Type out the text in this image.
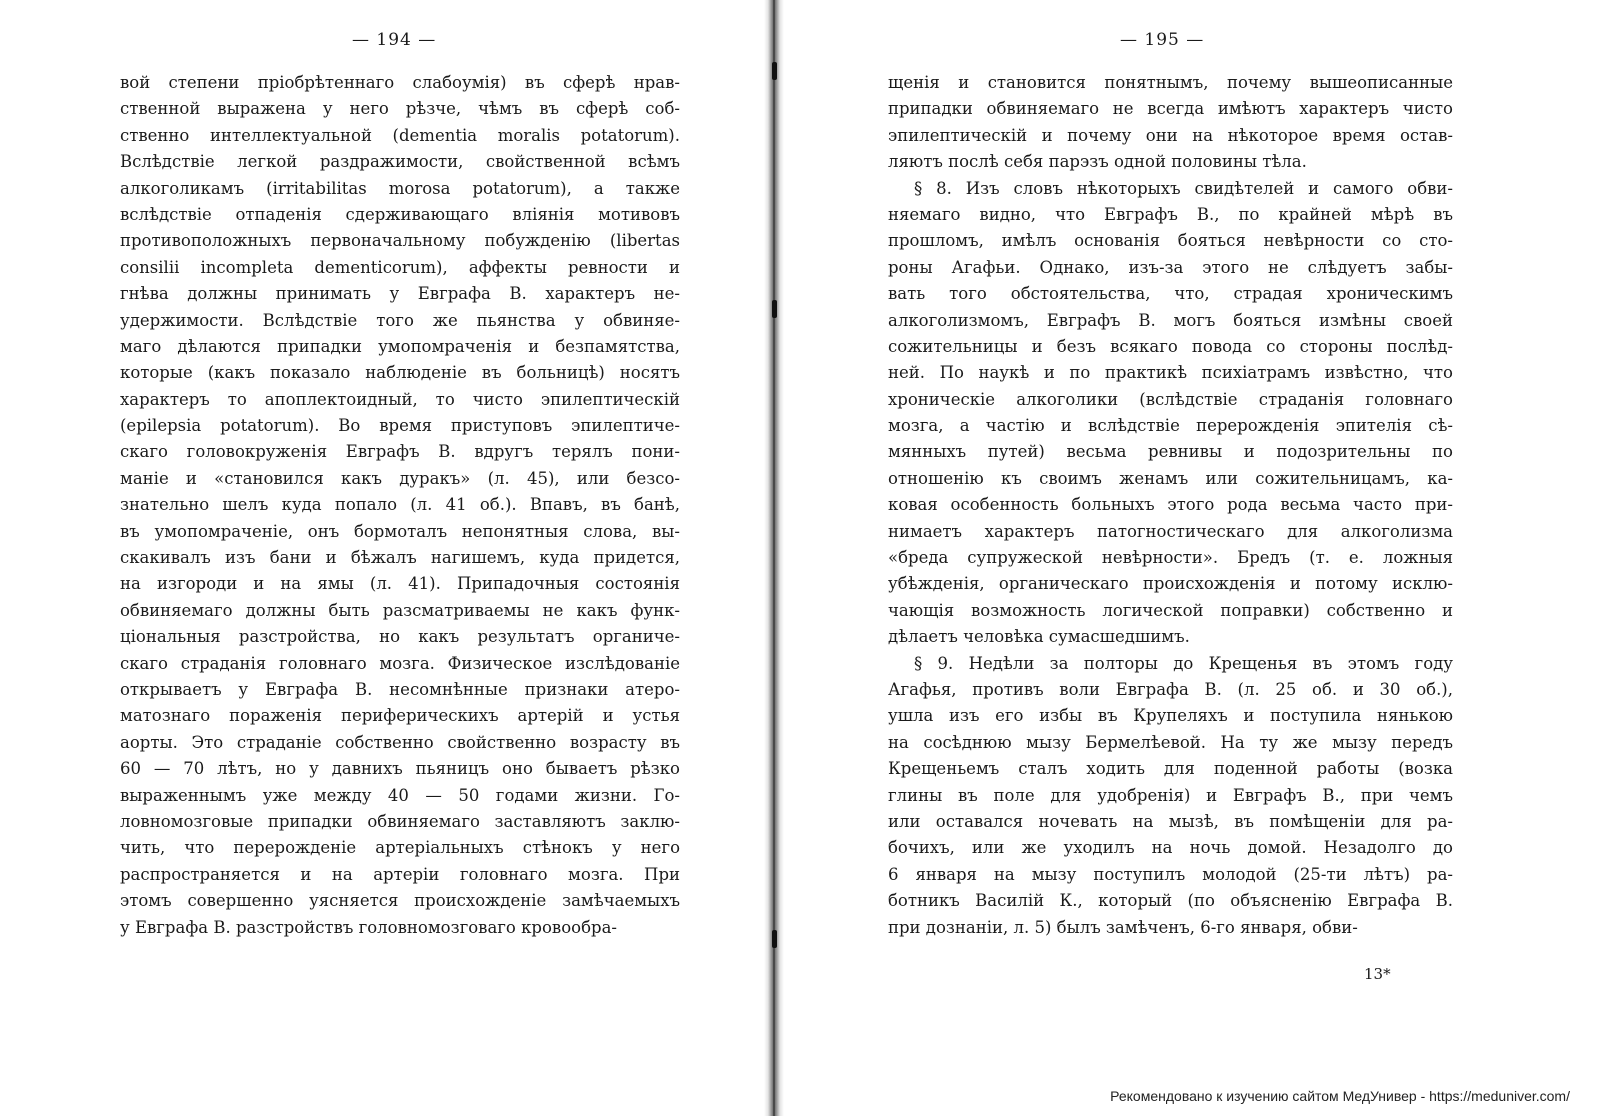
— 194 —
вой степени пріобрѣтеннаго слабоумія) въ сферѣ нрав-
ственной выражена у него рѣзче, чѣмъ въ сферѣ соб-
ственно интеллектуальной (dementia moralis potatorum).
Вслѣдствіе легкой раздражимости, свойственной всѣмъ
алкоголикамъ (irritabilitas morosa potatorum), а также
вслѣдствіе отпаденія сдерживающаго вліянія мотивовъ
противоположныхъ первоначальному побужденію (libertas
consilii incompleta dementicorum), аффекты ревности и
гнѣва должны принимать у Евграфа В. характеръ не-
удержимости. Вслѣдствіе того же пьянства у обвиняе-
маго дѣлаются припадки умопомраченія и безпамятства,
которые (какъ показало наблюденіе въ больницѣ) носятъ
характеръ то апоплектоидный, то чисто эпилептическій
(epilepsia potatorum). Во время приступовъ эпилептиче-
скаго головокруженія Евграфъ В. вдругъ терялъ пони-
маніе и «становился какъ дуракъ» (л. 45), или безсо-
знательно шелъ куда попало (л. 41 об.). Впавъ, въ банѣ,
въ умопомраченіе, онъ бормоталъ непонятныя слова, вы-
скакивалъ изъ бани и бѣжалъ нагишемъ, куда придется,
на изгороди и на ямы (л. 41). Припадочныя состоянія
обвиняемаго должны быть разсматриваемы не какъ функ-
ціональныя разстройства, но какъ результатъ органиче-
скаго страданія головнаго мозга. Физическое изслѣдованіе
открываетъ у Евграфа В. несомнѣнные признаки атеро-
матознаго пораженія периферическихъ артерій и устья
аорты. Это страданіе собственно свойственно возрасту въ
60 — 70 лѣтъ, но у давнихъ пьяницъ оно бываетъ рѣзко
выраженнымъ уже между 40 — 50 годами жизни. Го-
ловномозговые припадки обвиняемаго заставляютъ заклю-
чить, что перерожденіе артеріальныхъ стѣнокъ у него
распространяется и на артеріи головнаго мозга. При
этомъ совершенно уясняется происхожденіе замѣчаемыхъ
у Евграфа В. разстройствъ головномозговаго кровообра-
— 195 —
щенія и становится понятнымъ, почему вышеописанные
припадки обвиняемаго не всегда имѣютъ характеръ чисто
эпилептическій и почему они на нѣкоторое время остав-
ляютъ послѣ себя парэзъ одной половины тѣла.
§ 8. Изъ словъ нѣкоторыхъ свидѣтелей и самого обви-
няемаго видно, что Евграфъ В., по крайней мѣрѣ въ
прошломъ, имѣлъ основанія бояться невѣрности со сто-
роны Агафьи. Однако, изъ-за этого не слѣдуетъ забы-
вать того обстоятельства, что, страдая хроническимъ
алкоголизмомъ, Евграфъ В. могъ бояться измѣны своей
сожительницы и безъ всякаго повода со стороны послѣд-
ней. По наукѣ и по практикѣ психіатрамъ извѣстно, что
хроническіе алкоголики (вслѣдствіе страданія головнаго
мозга, а частію и вслѣдствіе перерожденія эпителія сѣ-
мянныхъ путей) весьма ревнивы и подозрительны по
отношенію къ своимъ женамъ или сожительницамъ, ка-
ковая особенность больныхъ этого рода весьма часто при-
нимаетъ характеръ патогностическаго для алкоголизма
«бреда супружеской невѣрности». Бредъ (т. е. ложныя
убѣжденія, органическаго происхожденія и потому исклю-
чающія возможность логической поправки) собственно и
дѣлаетъ человѣка сумасшедшимъ.
§ 9. Недѣли за полторы до Крещенья въ этомъ году
Агафья, противъ воли Евграфа В. (л. 25 об. и 30 об.),
ушла изъ его избы въ Крупеляхъ и поступила нянькою
на сосѣднюю мызу Бермелѣевой. На ту же мызу передъ
Крещеньемъ сталъ ходить для поденной работы (возка
глины въ поле для удобренія) и Евграфъ В., при чемъ
или оставался ночевать на мызѣ, въ помѣщеніи для ра-
бочихъ, или же уходилъ на ночь домой. Незадолго до
6 января на мызу поступилъ молодой (25-ти лѣтъ) ра-
ботникъ Василій К., который (по объясненію Евграфа В.
при дознаніи, л. 5) былъ замѣченъ, 6-го января, обви-
13*
Рекомендовано к изучению сайтом МедУнивер - https://meduniver.com/
